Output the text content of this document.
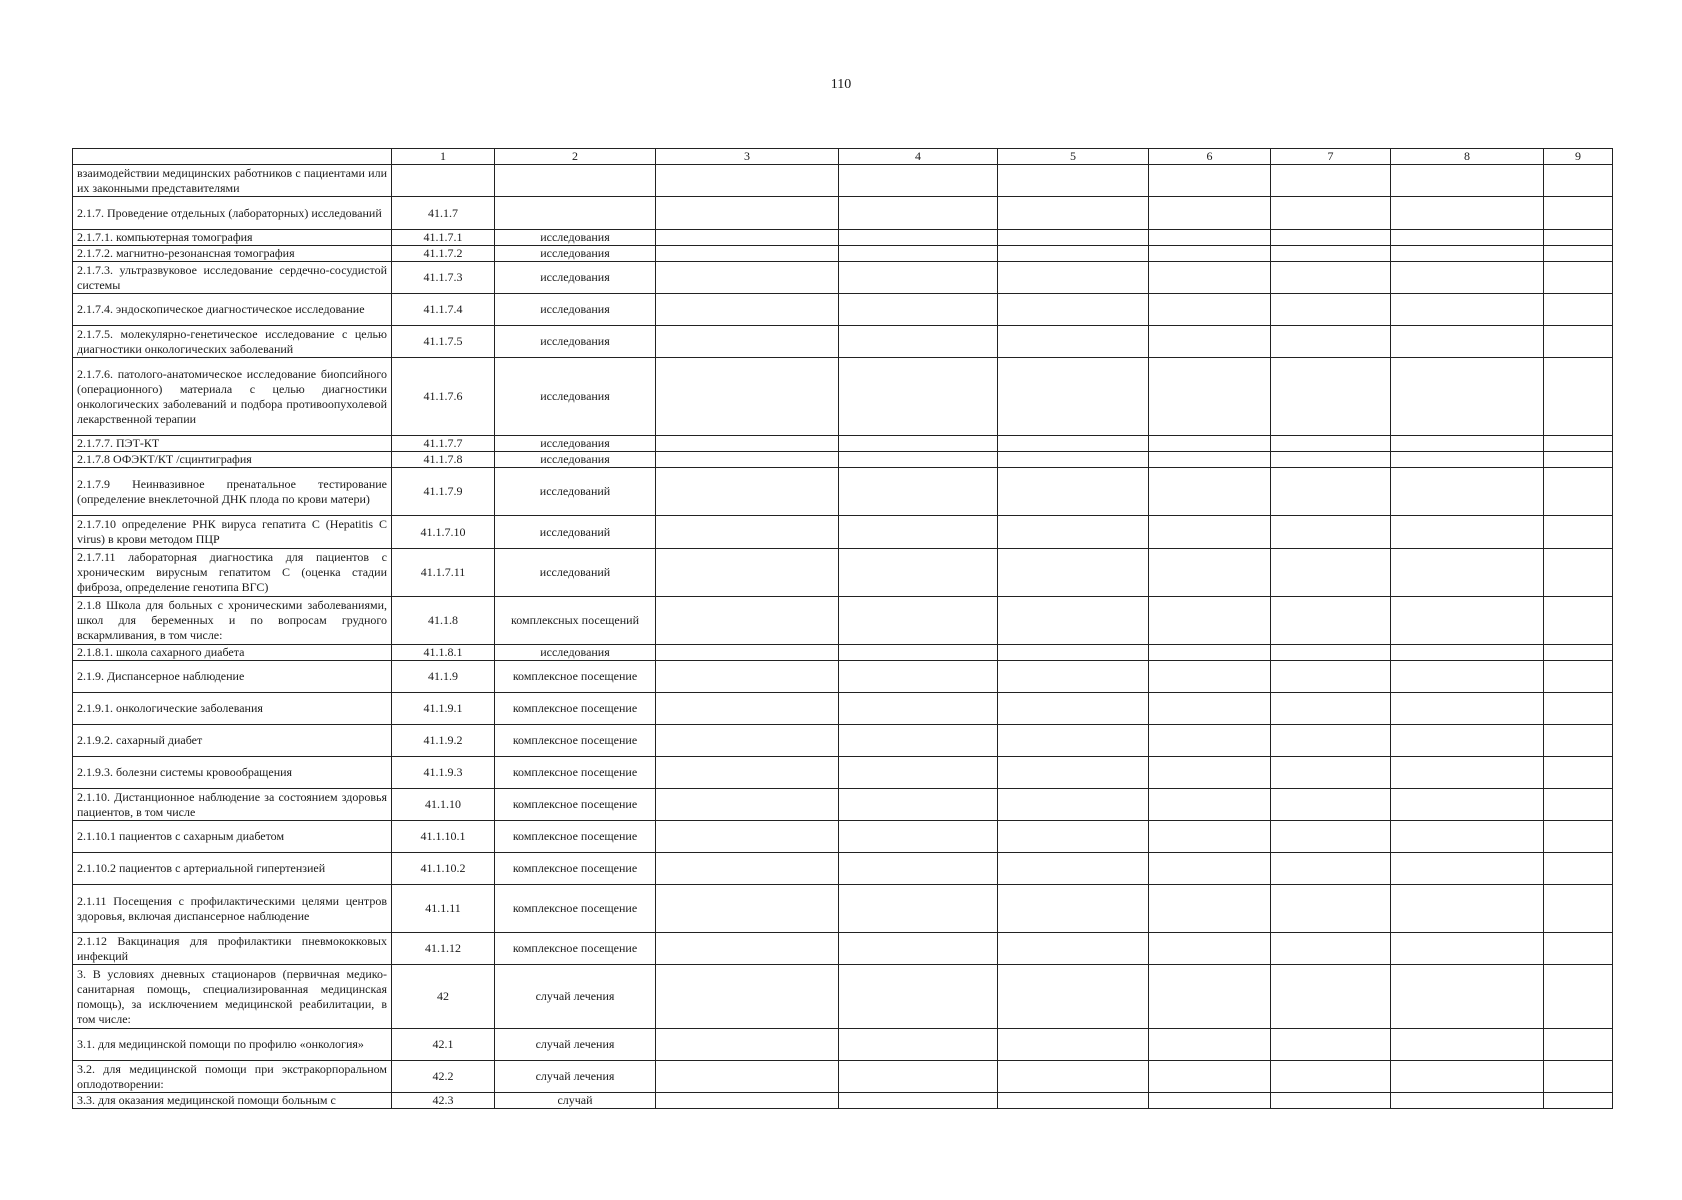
110
	1	2	3	4	5	6	7	8	9
взаимодействии медицинских работников с пациентами или их законными представителями									
2.1.7. Проведение отдельных (лабораторных) исследований	41.1.7								
2.1.7.1. компьютерная томография	41.1.7.1	исследования							
2.1.7.2. магнитно-резонансная томография	41.1.7.2	исследования							
2.1.7.3. ультразвуковое исследование сердечно-сосудистой системы	41.1.7.3	исследования							
2.1.7.4. эндоскопическое диагностическое исследование	41.1.7.4	исследования							
2.1.7.5. молекулярно-генетическое исследование с целью диагностики онкологических заболеваний	41.1.7.5	исследования							
2.1.7.6. патолого-анатомическое исследование биопсийного (операционного) материала с целью диагностики онкологических заболеваний и подбора противоопухолевой лекарственной терапии	41.1.7.6	исследования							
2.1.7.7. ПЭТ-КТ	41.1.7.7	исследования							
2.1.7.8 ОФЭКТ/КТ /сцинтиграфия	41.1.7.8	исследования							
2.1.7.9 Неинвазивное пренатальное тестирование (определение внеклеточной ДНК плода по крови матери)	41.1.7.9	исследований							
2.1.7.10 определение РНК вируса гепатита С (Hepatitis С virus) в крови методом ПЦР	41.1.7.10	исследований							
2.1.7.11 лабораторная диагностика для пациентов с хроническим вирусным гепатитом С (оценка стадии фиброза, определение генотипа ВГС)	41.1.7.11	исследований							
2.1.8 Школа для больных с хроническими заболеваниями, школ для беременных и по вопросам грудного вскармливания, в том числе:	41.1.8	комплексных посещений							
2.1.8.1. школа сахарного диабета	41.1.8.1	исследования							
2.1.9. Диспансерное наблюдение	41.1.9	комплексное посещение							
2.1.9.1. онкологические заболевания	41.1.9.1	комплексное посещение							
2.1.9.2. сахарный диабет	41.1.9.2	комплексное посещение							
2.1.9.3. болезни системы кровообращения	41.1.9.3	комплексное посещение							
2.1.10. Дистанционное наблюдение за состоянием здоровья пациентов, в том числе	41.1.10	комплексное посещение							
2.1.10.1 пациентов с сахарным диабетом	41.1.10.1	комплексное посещение							
2.1.10.2 пациентов с артериальной гипертензией	41.1.10.2	комплексное посещение							
2.1.11 Посещения с профилактическими целями центров здоровья, включая диспансерное наблюдение	41.1.11	комплексное посещение							
2.1.12 Вакцинация для профилактики пневмококковых инфекций	41.1.12	комплексное посещение							
3. В условиях дневных стационаров (первичная медико-санитарная помощь, специализированная медицинская помощь), за исключением медицинской реабилитации, в том числе:	42	случай лечения							
3.1. для медицинской помощи по профилю «онкология»	42.1	случай лечения							
3.2. для медицинской помощи при экстракорпоральном оплодотворении:	42.2	случай лечения							
3.3. для оказания медицинской помощи больным с	42.3	случай							
